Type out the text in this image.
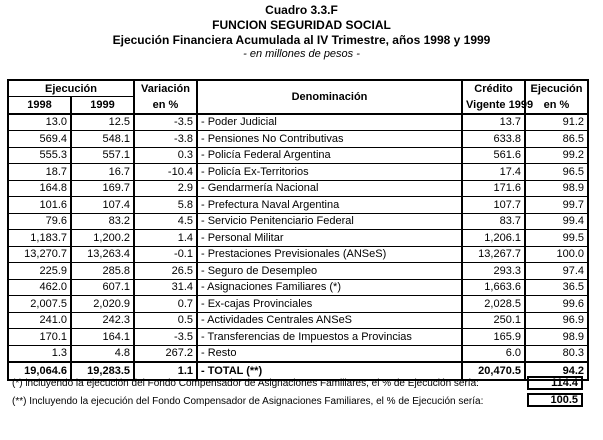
Cuadro 3.3.F
FUNCION SEGURIDAD SOCIAL
Ejecución Financiera Acumulada al IV Trimestre, años 1998 y 1999
- en millones de pesos -
Ejecución		Variación	Denominación	Crédito	Ejecución
1998	1999	en %		Vigente 1999	en %
13.0	12.5	-3.5	- Poder Judicial	13.7	91.2
569.4	548.1	-3.8	- Pensiones No Contributivas	633.8	86.5
555.3	557.1	0.3	- Policía Federal Argentina	561.6	99.2
18.7	16.7	-10.4	- Policía Ex-Territorios	17.4	96.5
164.8	169.7	2.9	- Gendarmería Nacional	171.6	98.9
101.6	107.4	5.8	- Prefectura Naval Argentina	107.7	99.7
79.6	83.2	4.5	- Servicio Penitenciario Federal	83.7	99.4
1,183.7	1,200.2	1.4	- Personal Militar	1,206.1	99.5
13,270.7	13,263.4	-0.1	- Prestaciones Previsionales (ANSeS)	13,267.7	100.0
225.9	285.8	26.5	- Seguro de Desempleo	293.3	97.4
462.0	607.1	31.4	- Asignaciones Familiares (*)	1,663.6	36.5
2,007.5	2,020.9	0.7	- Ex-cajas Provinciales	2,028.5	99.6
241.0	242.3	0.5	- Actividades Centrales ANSeS	250.1	96.9
170.1	164.1	-3.5	- Transferencias de Impuestos a Provincias	165.9	98.9
1.3	4.8	267.2	- Resto	6.0	80.3
19,064.6	19,283.5	1.1	- TOTAL (**)	20,470.5	94.2
(*) incluyendo la ejecución del Fondo Compensador de Asignaciones Familiares, el % de Ejecución sería:	114.4
(**) Incluyendo la ejecución del Fondo Compensador de Asignaciones Familiares, el % de Ejecución sería:	100.5
